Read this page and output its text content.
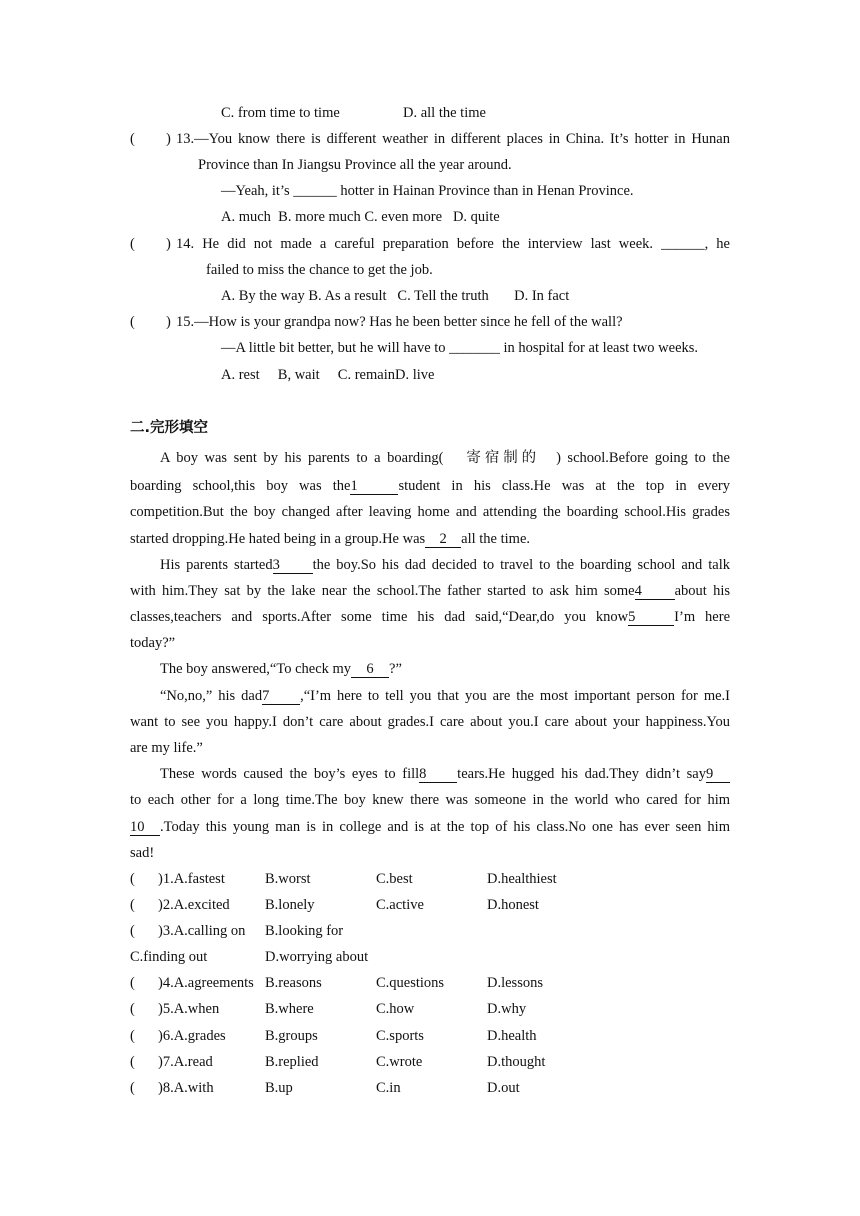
C. from time to time	D. all the time
( ) 13.—You know there is different weather in different places in China. It’s hotter in Hunan
Province than In Jiangsu Province all the year around.
—Yeah, it’s ______ hotter in Hainan Province than in Henan Province.
A. much  B. more much C. even more   D. quite
( ) 14. He did not made a careful preparation before the interview last week. ______, he
failed to miss the chance to get the job.
A. By the way B. As a result   C. Tell the truth       D. In fact
( ) 15.—How is your grandpa now? Has he been better since he fell of the wall?
—A little bit better, but he will have to _______ in hospital for at least two weeks.
A. rest     B, wait     C. remainD. live
二.完形填空
A boy was sent by his parents to a boarding( 寄宿制的 ) school.Before going to the
boarding school,this boy was the1	student in his class.He was at the top in every
competition.But the boy changed after leaving home and attending the boarding school.His grades
started dropping.He hated being in a group.He was 2 all the time.
His parents started3 the boy.So his dad decided to travel to the boarding school and talk
with him.They sat by the lake near the school.The father started to ask him some4 about his
classes,teachers and sports.After some time his dad said,“Dear,do you know5	I’m here
today?”
The boy answered,“To check my 6 ?”
“No,no,” his dad7 ,“I’m here to tell you that you are the most important person for me.I
want to see you happy.I don’t care about grades.I care about you.I care about your happiness.You
are my life.”
These words caused the boy’s eyes to fill8 tears.He hugged his dad.They didn’t say9
to each other for a long time.The boy knew there was someone in the world who cared for him
10 .Today this young man is in college and is at the top of his class.No one has ever seen him
sad!
( )1.A.fastest	B.worst	C.best	D.healthiest
( )2.A.excited B.lonely	C.active	D.honest
( )3.A.calling on B.looking for
C.finding out	D.worrying about
( )4.A.agreements B.reasons	C.questions	D.lessons
( )5.A.when	B.where	C.how	D.why
( )6.A.grades	B.groups	C.sports	D.health
( )7.A.read	B.replied	C.wrote	D.thought
( )8.A.with	B.up	C.in	D.out
